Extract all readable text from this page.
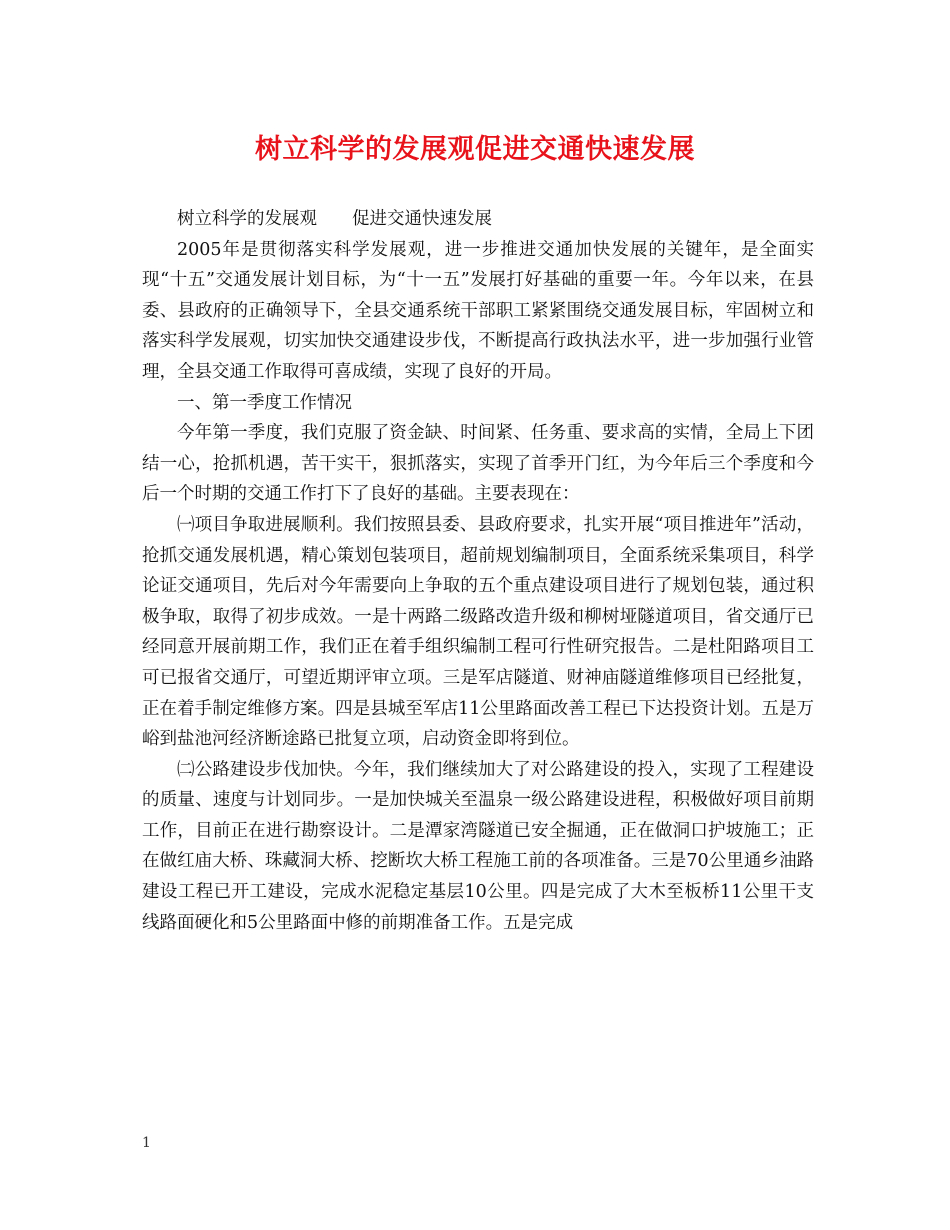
树立科学的发展观促进交通快速发展

树立科学的发展观　　促进交通快速发展

2005年是贯彻落实科学发展观，进一步推进交通加快发展的关键年，是全面实现“十五”交通发展计划目标，为“十一五”发展打好基础的重要一年。今年以来，在县委、县政府的正确领导下，全县交通系统干部职工紧紧围绕交通发展目标，牢固树立和落实科学发展观，切实加快交通建设步伐，不断提高行政执法水平，进一步加强行业管理，全县交通工作取得可喜成绩，实现了良好的开局。

一、第一季度工作情况

今年第一季度，我们克服了资金缺、时间紧、任务重、要求高的实情，全局上下团结一心，抢抓机遇，苦干实干，狠抓落实，实现了首季开门红，为今年后三个季度和今后一个时期的交通工作打下了良好的基础。主要表现在：

㈠项目争取进展顺利。我们按照县委、县政府要求，扎实开展“项目推进年”活动，抢抓交通发展机遇，精心策划包装项目，超前规划编制项目，全面系统采集项目，科学论证交通项目，先后对今年需要向上争取的五个重点建设项目进行了规划包装，通过积极争取，取得了初步成效。一是十两路二级路改造升级和柳树垭隧道项目，省交通厅已经同意开展前期工作，我们正在着手组织编制工程可行性研究报告。二是杜阳路项目工可已报省交通厅，可望近期评审立项。三是军店隧道、财神庙隧道维修项目已经批复，正在着手制定维修方案。四是县城至军店11公里路面改善工程已下达投资计划。五是万峪到盐池河经济断途路已批复立项，启动资金即将到位。

㈡公路建设步伐加快。今年，我们继续加大了对公路建设的投入，实现了工程建设的质量、速度与计划同步。一是加快城关至温泉一级公路建设进程，积极做好项目前期工作，目前正在进行勘察设计。二是潭家湾隧道已安全掘通，正在做洞口护坡施工；正在做红庙大桥、珠藏洞大桥、挖断坎大桥工程施工前的各项准备。三是70公里通乡油路建设工程已开工建设，完成水泥稳定基层10公里。四是完成了大木至板桥11公里干支线路面硬化和5公里路面中修的前期准备工作。五是完成

1
